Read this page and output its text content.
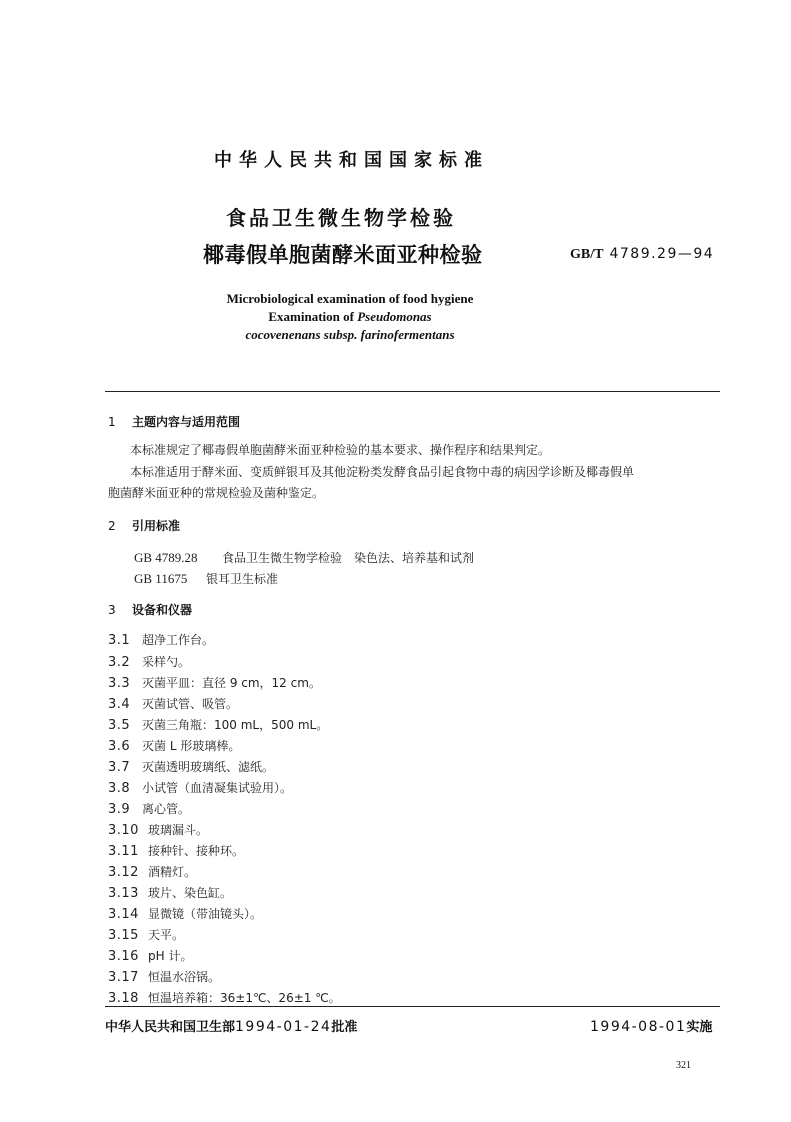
中华人民共和国国家标准
食品卫生微生物学检验
椰毒假单胞菌酵米面亚种检验	GB/T 4789.29—94
Microbiological examination of food hygiene
Examination of Pseudomonas
cocovenenans subsp. farinofermentans
1 主题内容与适用范围
本标准规定了椰毒假单胞菌酵米面亚种检验的基本要求、操作程序和结果判定。
本标准适用于酵米面、变质鲜银耳及其他淀粉类发酵食品引起食物中毒的病因学诊断及椰毒假单
胞菌酵米面亚种的常规检验及菌种鉴定。
2 引用标准
GB 4789.28 食品卫生微生物学检验　染色法、培养基和试剂
GB 11675 银耳卫生标准
3 设备和仪器
3.1 超净工作台。
3.2 采样勺。
3.3 灭菌平皿：直径 9 cm，12 cm。
3.4 灭菌试管、吸管。
3.5 灭菌三角瓶：100 mL，500 mL。
3.6 灭菌 L 形玻璃棒。
3.7 灭菌透明玻璃纸、滤纸。
3.8 小试管（血清凝集试验用）。
3.9 离心管。
3.10 玻璃漏斗。
3.11 接种针、接种环。
3.12 酒精灯。
3.13 玻片、染色缸。
3.14 显微镜（带油镜头）。
3.15 天平。
3.16 pH 计。
3.17 恒温水浴锅。
3.18 恒温培养箱：36±1℃、26±1 ℃。
中华人民共和国卫生部1994-01-24批准	1994-08-01实施
321
